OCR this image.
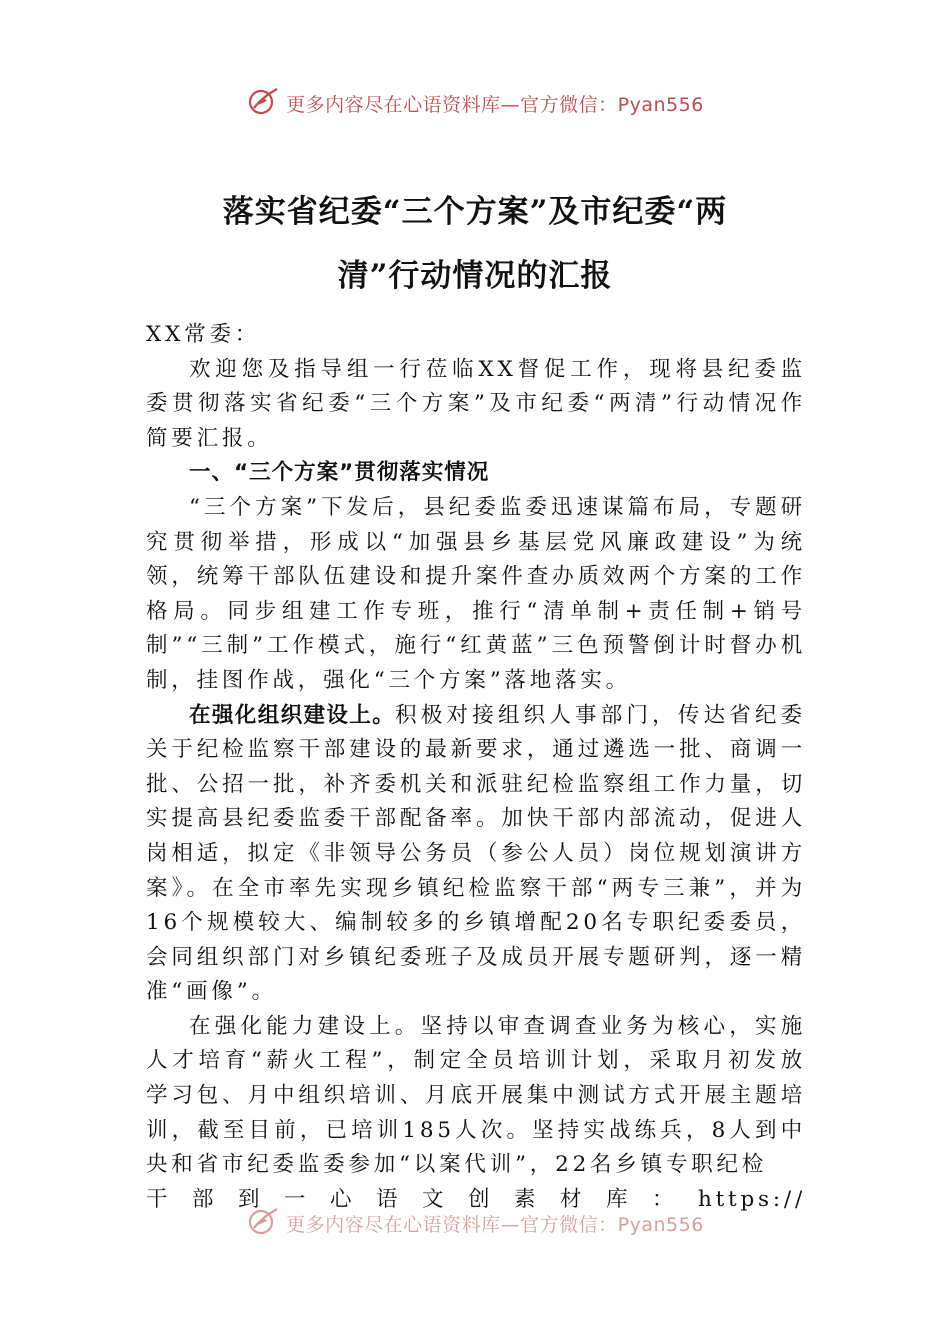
更多内容尽在心语资料库—官方微信：Pyan556
落实省纪委“三个方案”及市纪委“两
清”行动情况的汇报

XX常委：

欢迎您及指导组一行莅临XX督促工作，现将县纪委监委贯彻落实省纪委“三个方案”及市纪委“两清”行动情况作简要汇报。

一、“三个方案”贯彻落实情况

“三个方案”下发后，县纪委监委迅速谋篇布局，专题研究贯彻举措，形成以“加强县乡基层党风廉政建设”为统领，统筹干部队伍建设和提升案件查办质效两个方案的工作格局。同步组建工作专班，推行“清单制+责任制+销号制”“三制”工作模式，施行“红黄蓝”三色预警倒计时督办机制，挂图作战，强化“三个方案”落地落实。

在强化组织建设上。积极对接组织人事部门，传达省纪委关于纪检监察干部建设的最新要求，通过遴选一批、商调一批、公招一批，补齐委机关和派驻纪检监察组工作力量，切实提高县纪委监委干部配备率。加快干部内部流动，促进人岗相适，拟定《非领导公务员（参公人员）岗位规划演讲方案》。在全市率先实现乡镇纪检监察干部“两专三兼”，并为16个规模较大、编制较多的乡镇增配20名专职纪委委员，会同组织部门对乡镇纪委班子及成员开展专题研判，逐一精准“画像”。

在强化能力建设上。坚持以审查调查业务为核心，实施人才培育“薪火工程”，制定全员培训计划，采取月初发放学习包、月中组织培训、月底开展集中测试方式开展主题培训，截至目前，已培训185人次。坚持实战练兵，8人到中央和省市纪委监委参加“以案代训”，22名乡镇专职纪检

干部到一心语文创素材库：https://

更多内容尽在心语资料库—官方微信：Pyan556
